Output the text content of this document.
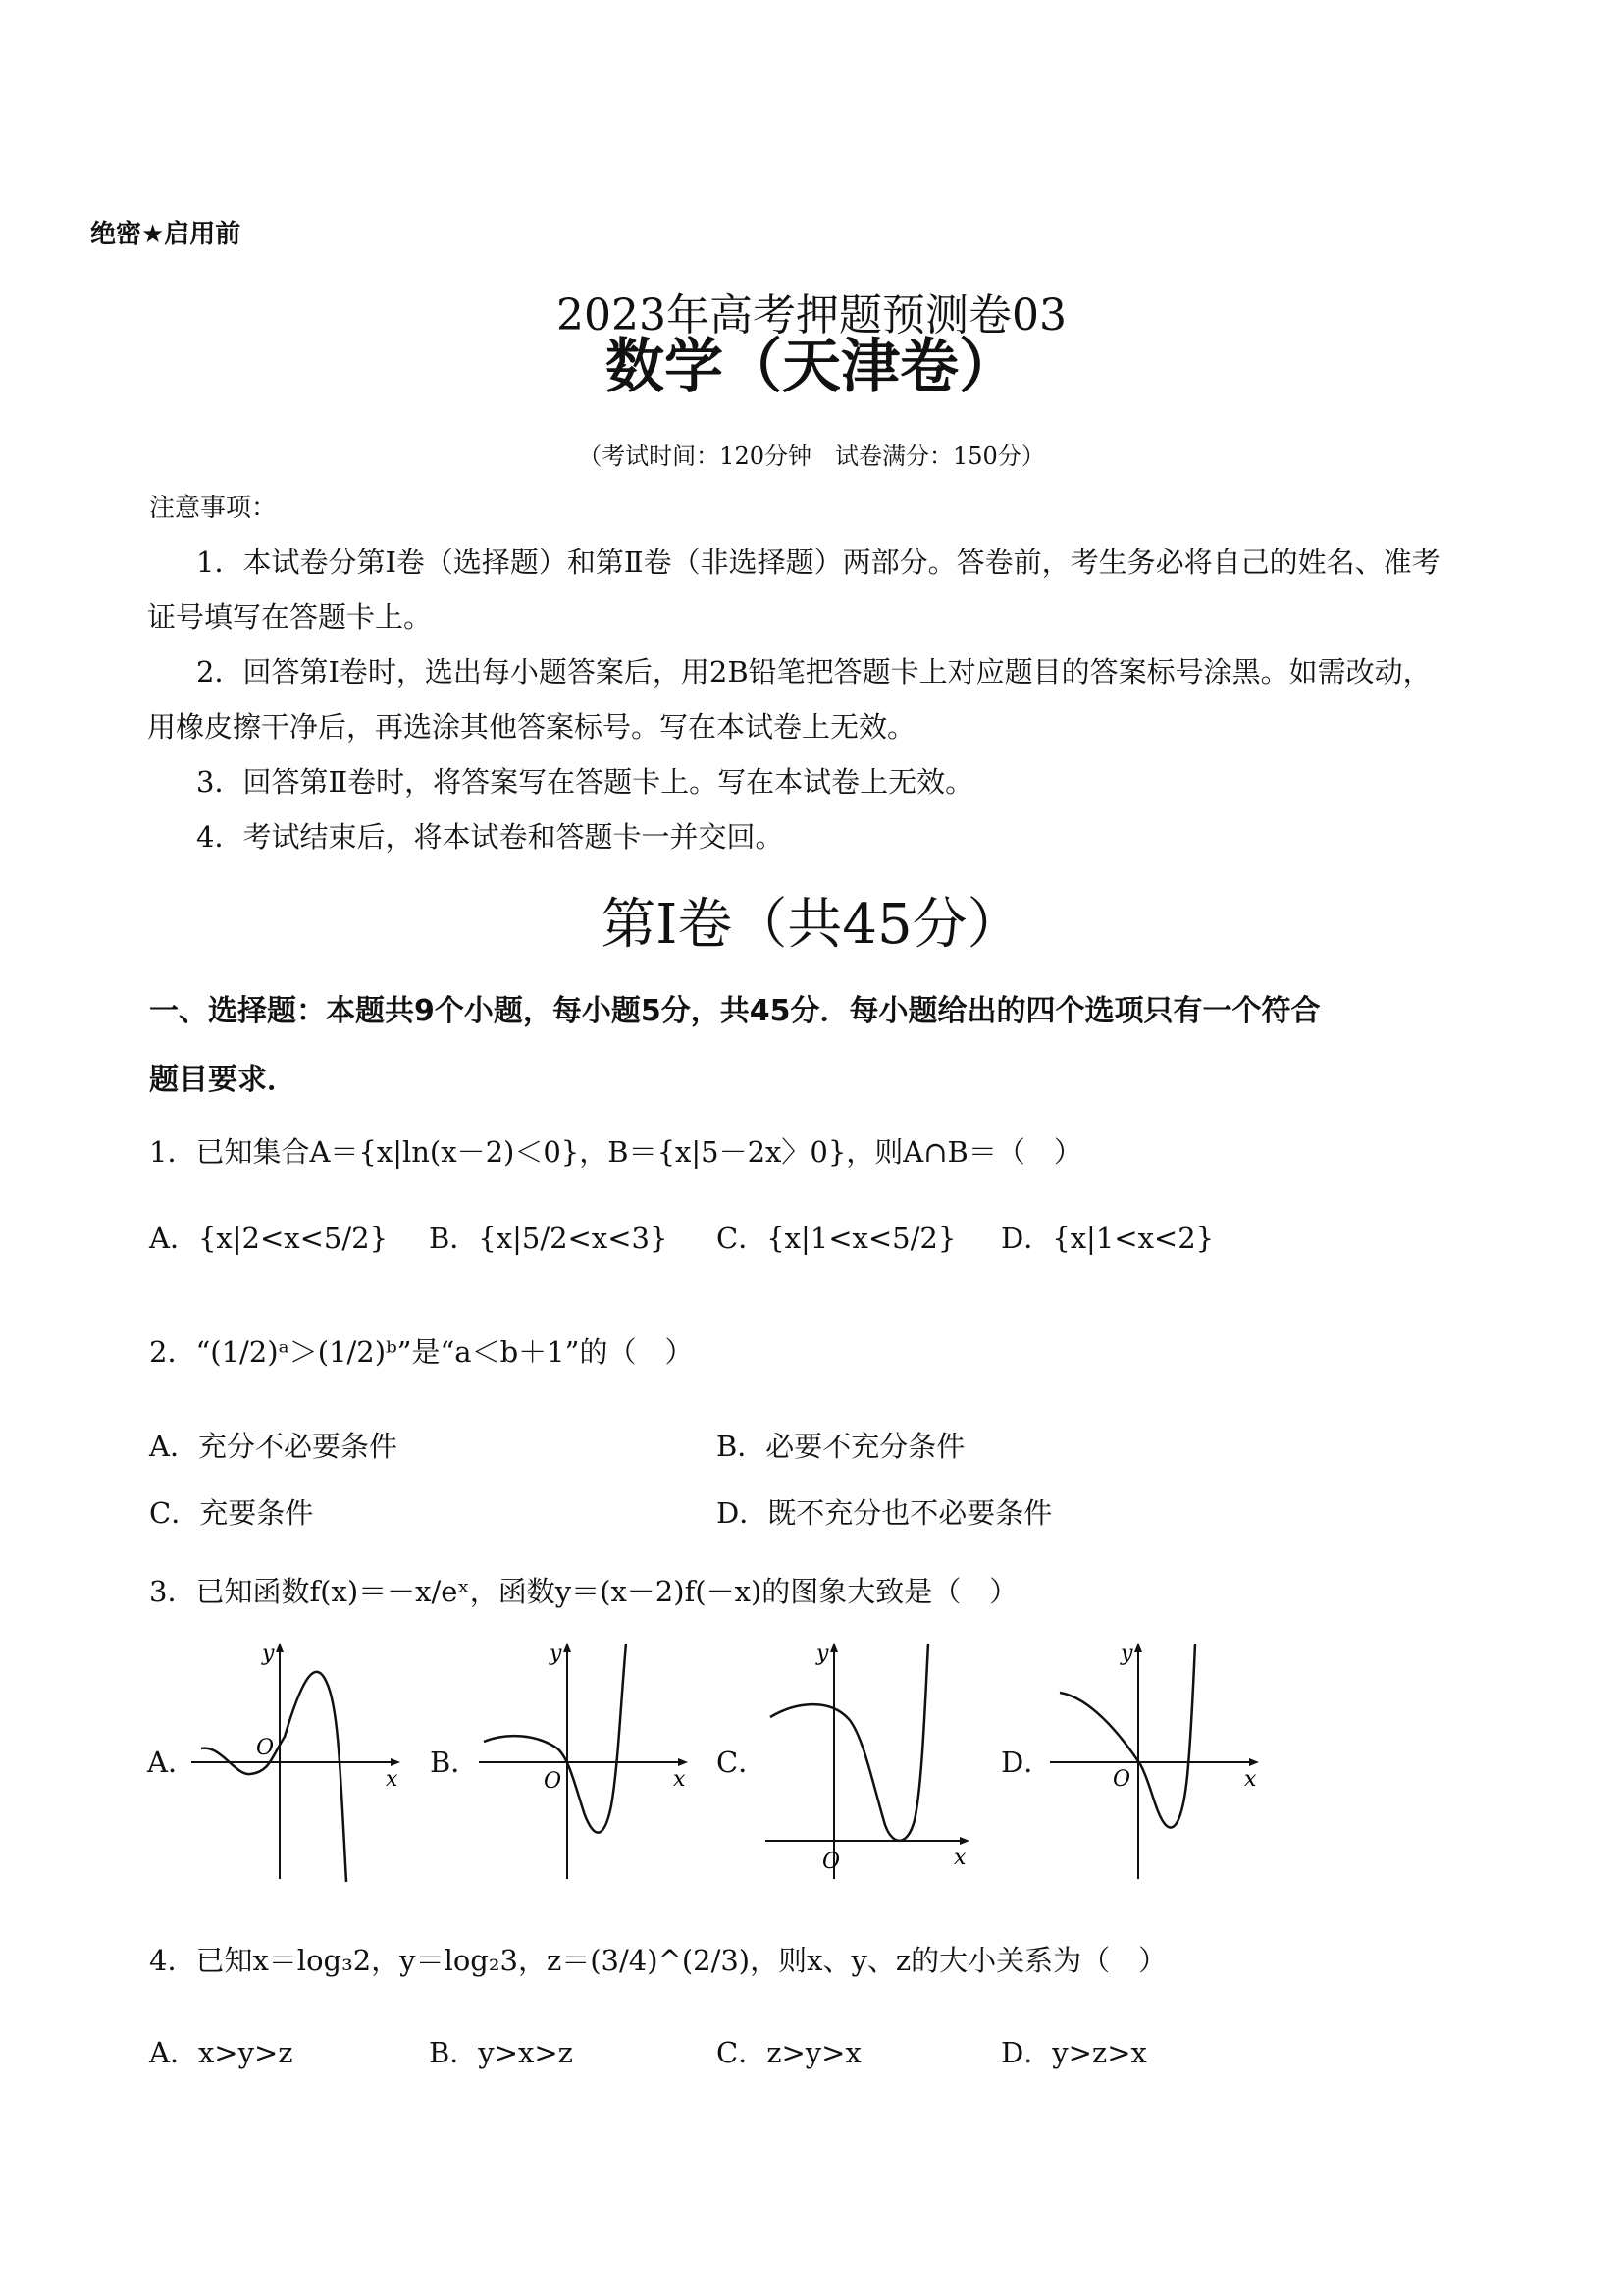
绝密★启用前
2023年高考押题预测卷03
数学（天津卷）
（考试时间：120分钟　试卷满分：150分）
注意事项：
1．本试卷分第Ⅰ卷（选择题）和第Ⅱ卷（非选择题）两部分。答卷前，考生务必将自己的姓名、准考
证号填写在答题卡上。
2．回答第Ⅰ卷时，选出每小题答案后，用2B铅笔把答题卡上对应题目的答案标号涂黑。如需改动，
用橡皮擦干净后，再选涂其他答案标号。写在本试卷上无效。
3．回答第Ⅱ卷时，将答案写在答题卡上。写在本试卷上无效。
4．考试结束后，将本试卷和答题卡一并交回。
第Ⅰ卷（共45分）
一、选择题：本题共9个小题，每小题5分，共45分．每小题给出的四个选项只有一个符合
题目要求．
1．已知集合A＝{x|ln(x－2)＜0}，B＝{x|5－2x〉0}，则A∩B＝（　）
A．{x|2<x<5/2} B．{x|5/2<x<3} C．{x|1<x<5/2} D．{x|1<x<2}
2．“(1/2)ᵃ＞(1/2)ᵇ”是“a＜b＋1”的（　）
A．充分不必要条件	B．必要不充分条件
C．充要条件	D．既不充分也不必要条件
3．已知函数f(x)＝－x/eˣ，函数y＝(x－2)f(－x)的图象大致是（　）
A．	B．	C．	D．
y
x
O
y
x
O
y
x
O
y
x
O
4．已知x＝log₃2，y＝log₂3，z＝(3/4)^(2/3)，则x、y、z的大小关系为（　）
A．x>y>z	B．y>x>z	C．z>y>x	D．y>z>x
